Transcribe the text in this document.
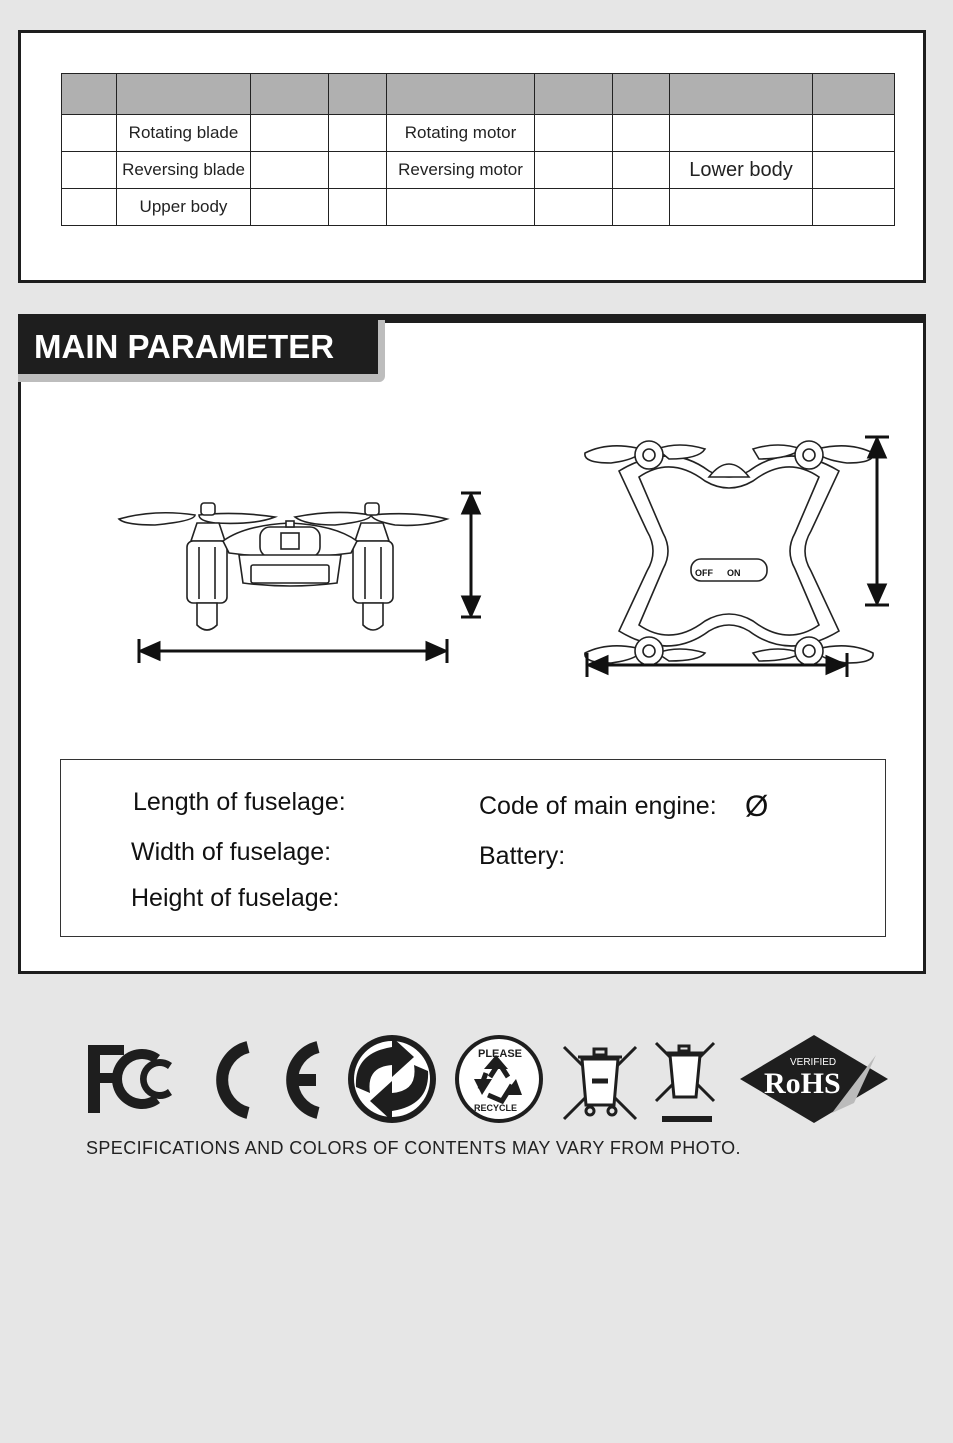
	Rotating blade			Rotating motor				
	Reversing blade			Reversing motor			Lower body	
	Upper body							
MAIN PARAMETER
OFF ON
Length of fuselage:
Width of fuselage:
Height of fuselage:
Code of main engine: Ø
Battery:
PLEASE
RECYCLE
VERIFIED
RoHS
SPECIFICATIONS AND COLORS OF CONTENTS MAY VARY FROM PHOTO.
